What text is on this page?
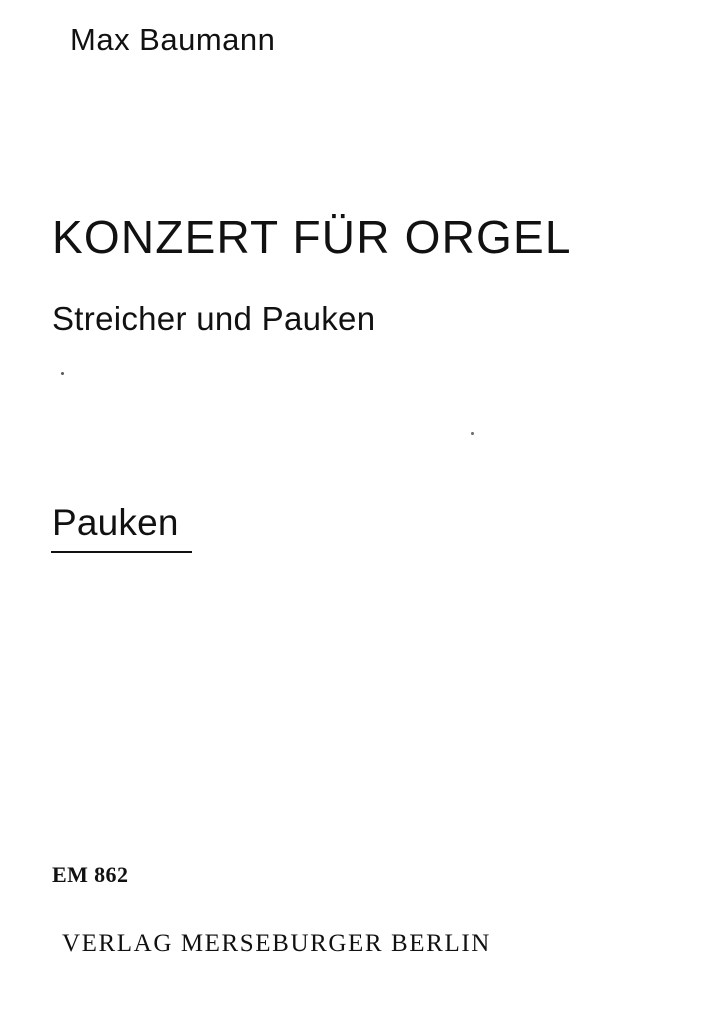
Max Baumann
KONZERT FÜR ORGEL
Streicher und Pauken
Pauken
EM 862
VERLAG MERSEBURGER BERLIN
